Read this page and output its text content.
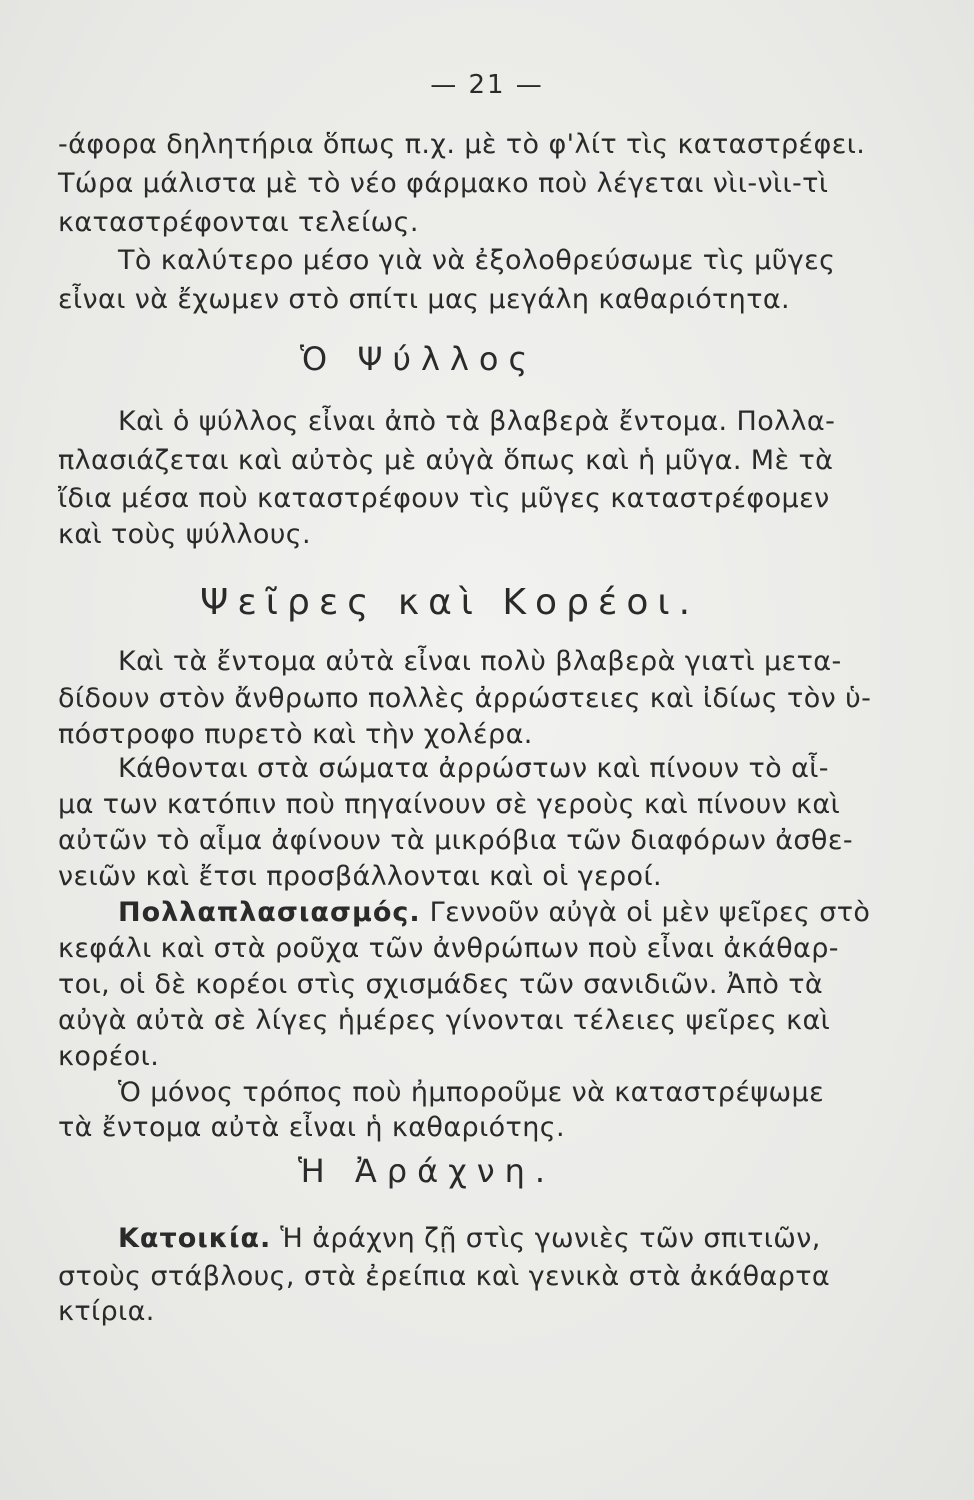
— 21 —
-άφορα δηλητήρια ὅπως π.χ. μὲ τὸ φ'λίτ τὶς καταστρέφει.
Τώρα μάλιστα μὲ τὸ νέο φάρμακο ποὺ λέγεται νὶι-νὶι-τὶ
καταστρέφονται τελείως.
Τὸ καλύτερο μέσο γιὰ νὰ ἐξολοθρεύσωμε τὶς μῦγες
εἶναι νὰ ἔχωμεν στὸ σπίτι μας μεγάλη καθαριότητα.
Ὁ Ψύλλος
Καὶ ὁ ψύλλος εἶναι ἀπὸ τὰ βλαβερὰ ἔντομα. Πολλα-
πλασιάζεται καὶ αὐτὸς μὲ αὐγὰ ὅπως καὶ ἡ μῦγα. Μὲ τὰ
ἴδια μέσα ποὺ καταστρέφουν τὶς μῦγες καταστρέφομεν
καὶ τοὺς ψύλλους.
Ψεῖρες καὶ Κορέοι.
Καὶ τὰ ἔντομα αὐτὰ εἶναι πολὺ βλαβερὰ γιατὶ μετα-
δίδουν στὸν ἄνθρωπο πολλὲς ἀρρώστειες καὶ ἰδίως τὸν ὑ-
πόστροφο πυρετὸ καὶ τὴν χολέρα.
Κάθονται στὰ σώματα ἀρρώστων καὶ πίνουν τὸ αἷ-
μα των κατόπιν ποὺ πηγαίνουν σὲ γεροὺς καὶ πίνουν καὶ
αὐτῶν τὸ αἷμα ἀφίνουν τὰ μικρόβια τῶν διαφόρων ἀσθε-
νειῶν καὶ ἔτσι προσβάλλονται καὶ οἱ γεροί.
Πολλαπλασιασμός. Γεννοῦν αὐγὰ οἱ μὲν ψεῖρες στὸ
κεφάλι καὶ στὰ ροῦχα τῶν ἀνθρώπων ποὺ εἶναι ἀκάθαρ-
τοι, οἱ δὲ κορέοι στὶς σχισμάδες τῶν σανιδιῶν. Ἀπὸ τὰ
αὐγὰ αὐτὰ σὲ λίγες ἡμέρες γίνονται τέλειες ψεῖρες καὶ
κορέοι.
Ὁ μόνος τρόπος ποὺ ἠμποροῦμε νὰ καταστρέψωμε
τὰ ἔντομα αὐτὰ εἶναι ἡ καθαριότης.
Ἡ Ἀράχνη.
Κατοικία. Ἡ ἀράχνη ζῇ στὶς γωνιὲς τῶν σπιτιῶν,
στοὺς στάβλους, στὰ ἐρείπια καὶ γενικὰ στὰ ἀκάθαρτα
κτίρια.
